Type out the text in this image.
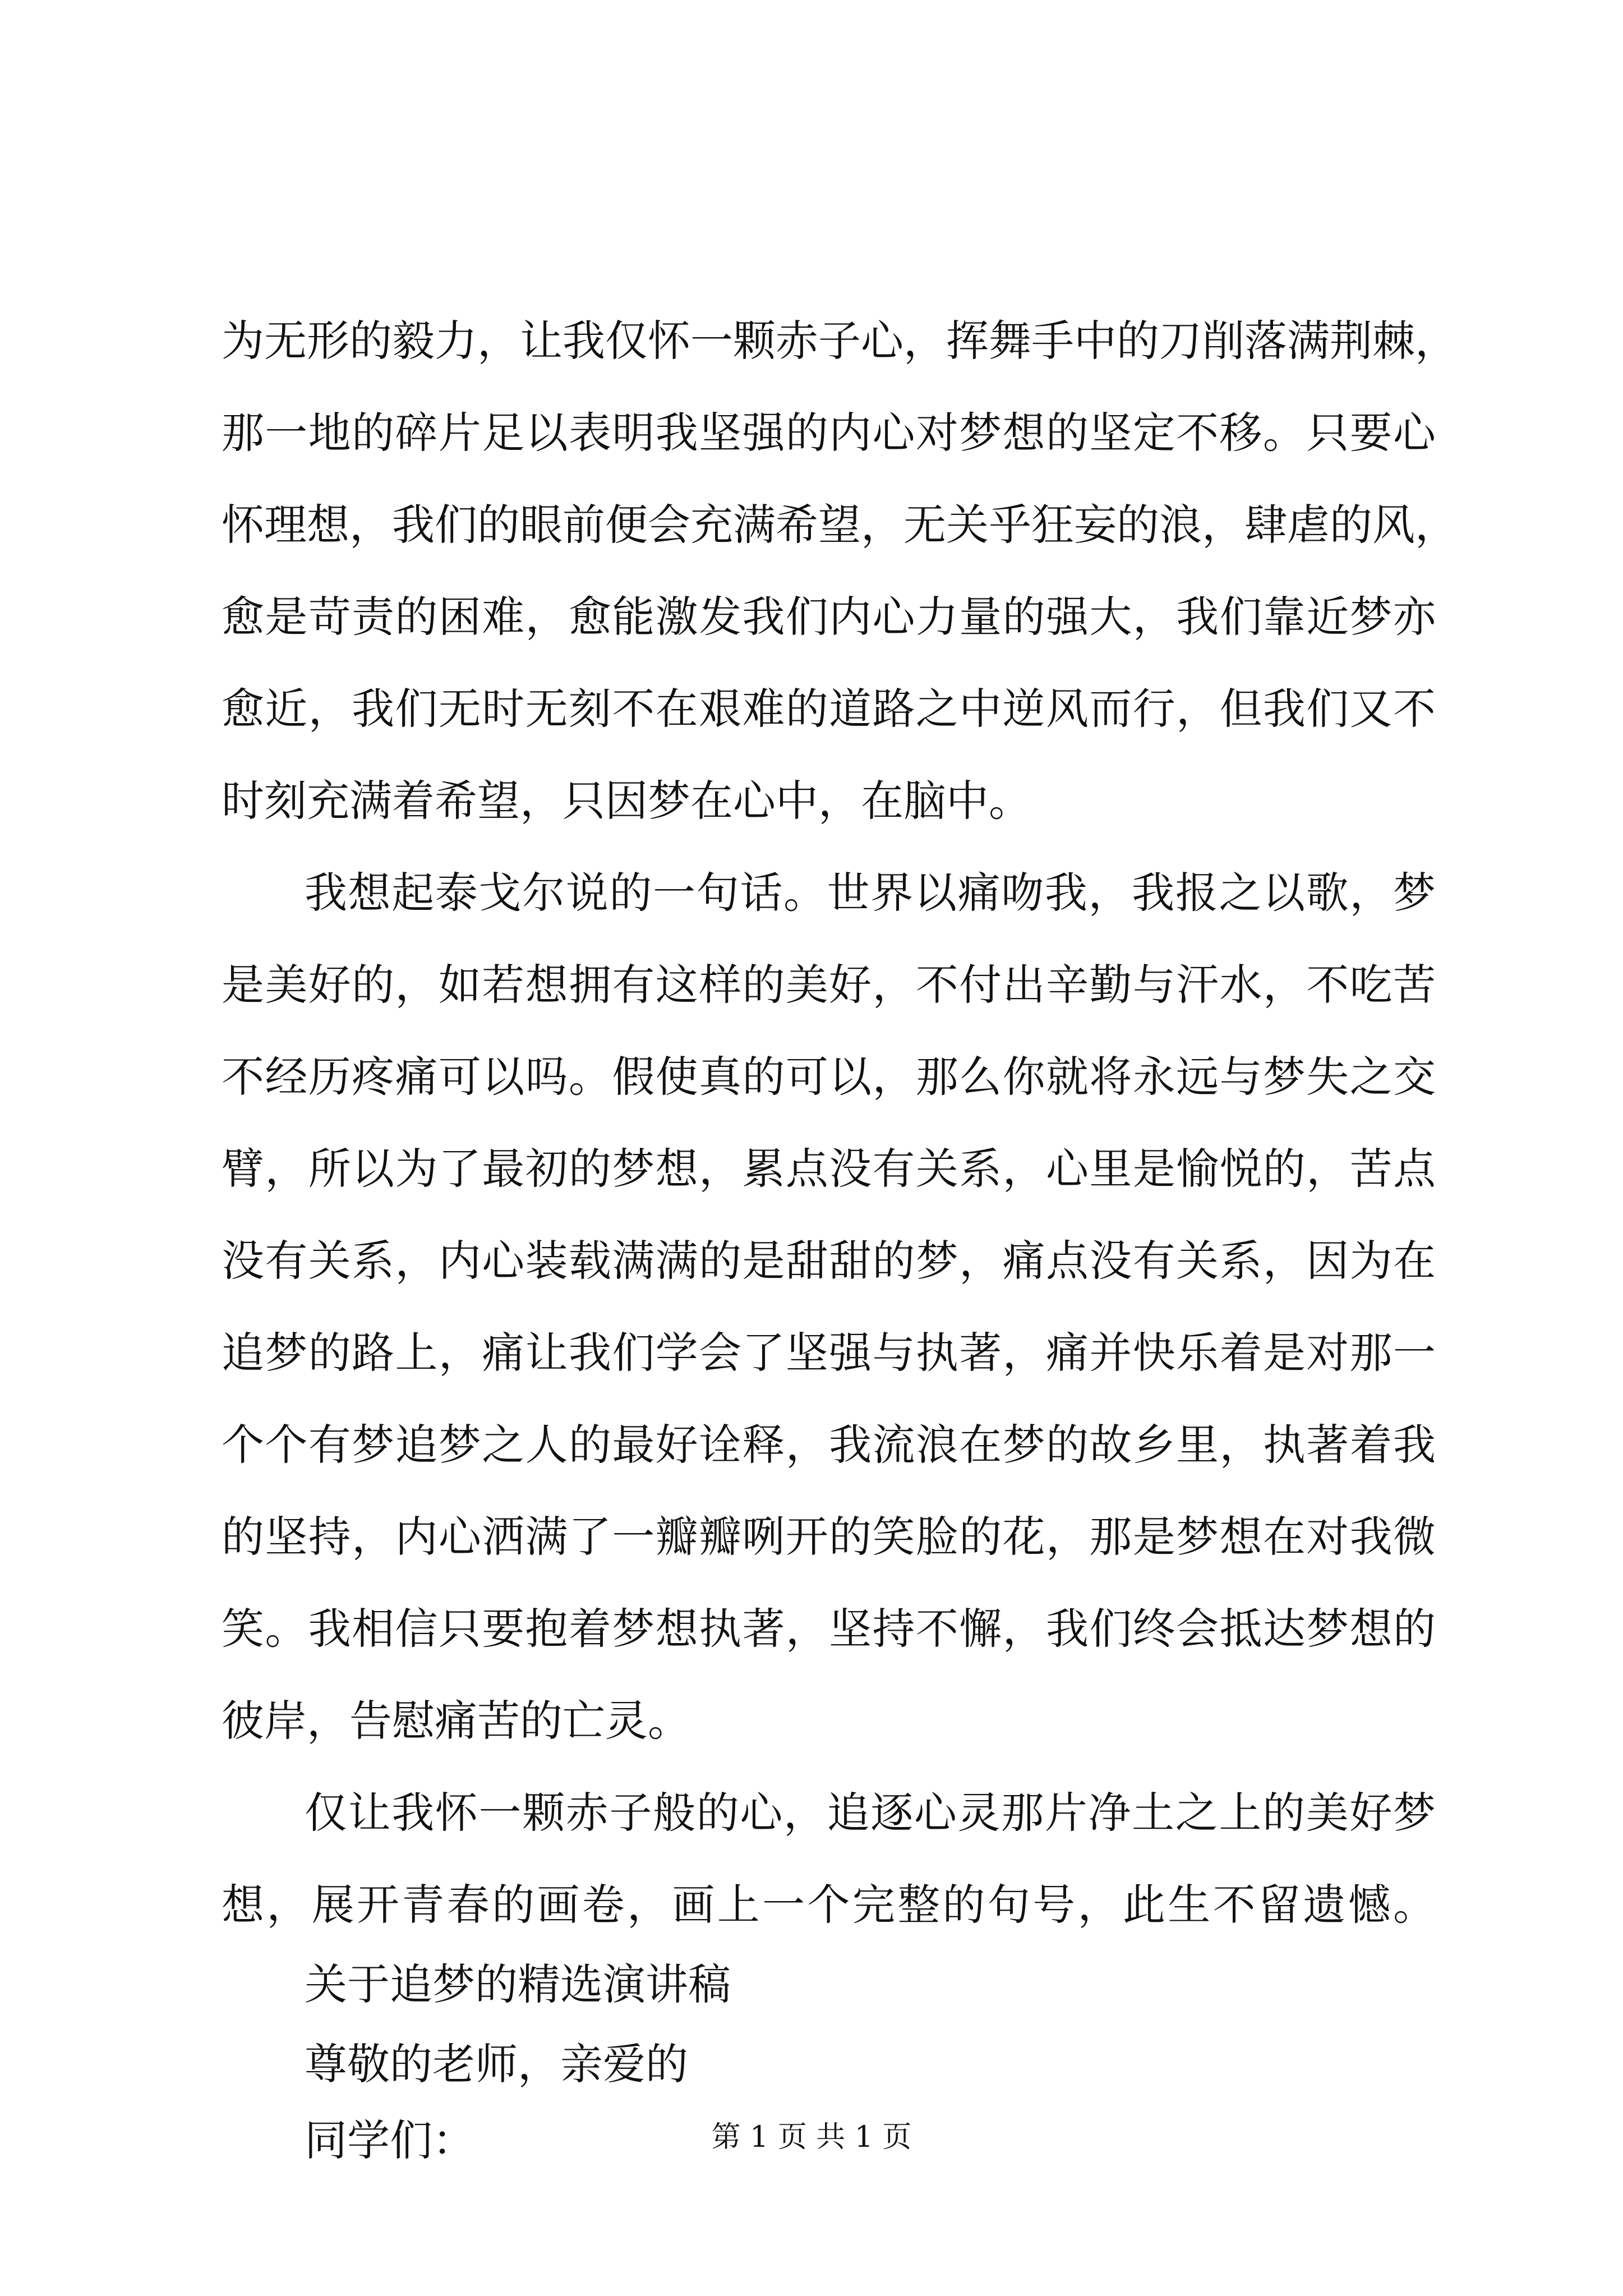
为无形的毅力，让我仅怀一颗赤子心，挥舞手中的刀削落满荆棘，
那一地的碎片足以表明我坚强的内心对梦想的坚定不移。只要心
怀理想，我们的眼前便会充满希望，无关乎狂妄的浪，肆虐的风，
愈是苛责的困难，愈能激发我们内心力量的强大，我们靠近梦亦
愈近，我们无时无刻不在艰难的道路之中逆风而行，但我们又不
时刻充满着希望，只因梦在心中，在脑中。
我想起泰戈尔说的一句话。世界以痛吻我，我报之以歌，梦
是美好的，如若想拥有这样的美好，不付出辛勤与汗水，不吃苦
不经历疼痛可以吗。假使真的可以，那么你就将永远与梦失之交
臂，所以为了最初的梦想，累点没有关系，心里是愉悦的，苦点
没有关系，内心装载满满的是甜甜的梦，痛点没有关系，因为在
追梦的路上，痛让我们学会了坚强与执著，痛并快乐着是对那一
个个有梦追梦之人的最好诠释，我流浪在梦的故乡里，执著着我
的坚持，内心洒满了一瓣瓣咧开的笑脸的花，那是梦想在对我微
笑。我相信只要抱着梦想执著，坚持不懈，我们终会抵达梦想的
彼岸，告慰痛苦的亡灵。
仅让我怀一颗赤子般的心，追逐心灵那片净土之上的美好梦
想，展开青春的画卷，画上一个完整的句号，此生不留遗憾。
关于追梦的精选演讲稿
尊敬的老师，亲爱的
同学们：	第 1 页 共 1 页
